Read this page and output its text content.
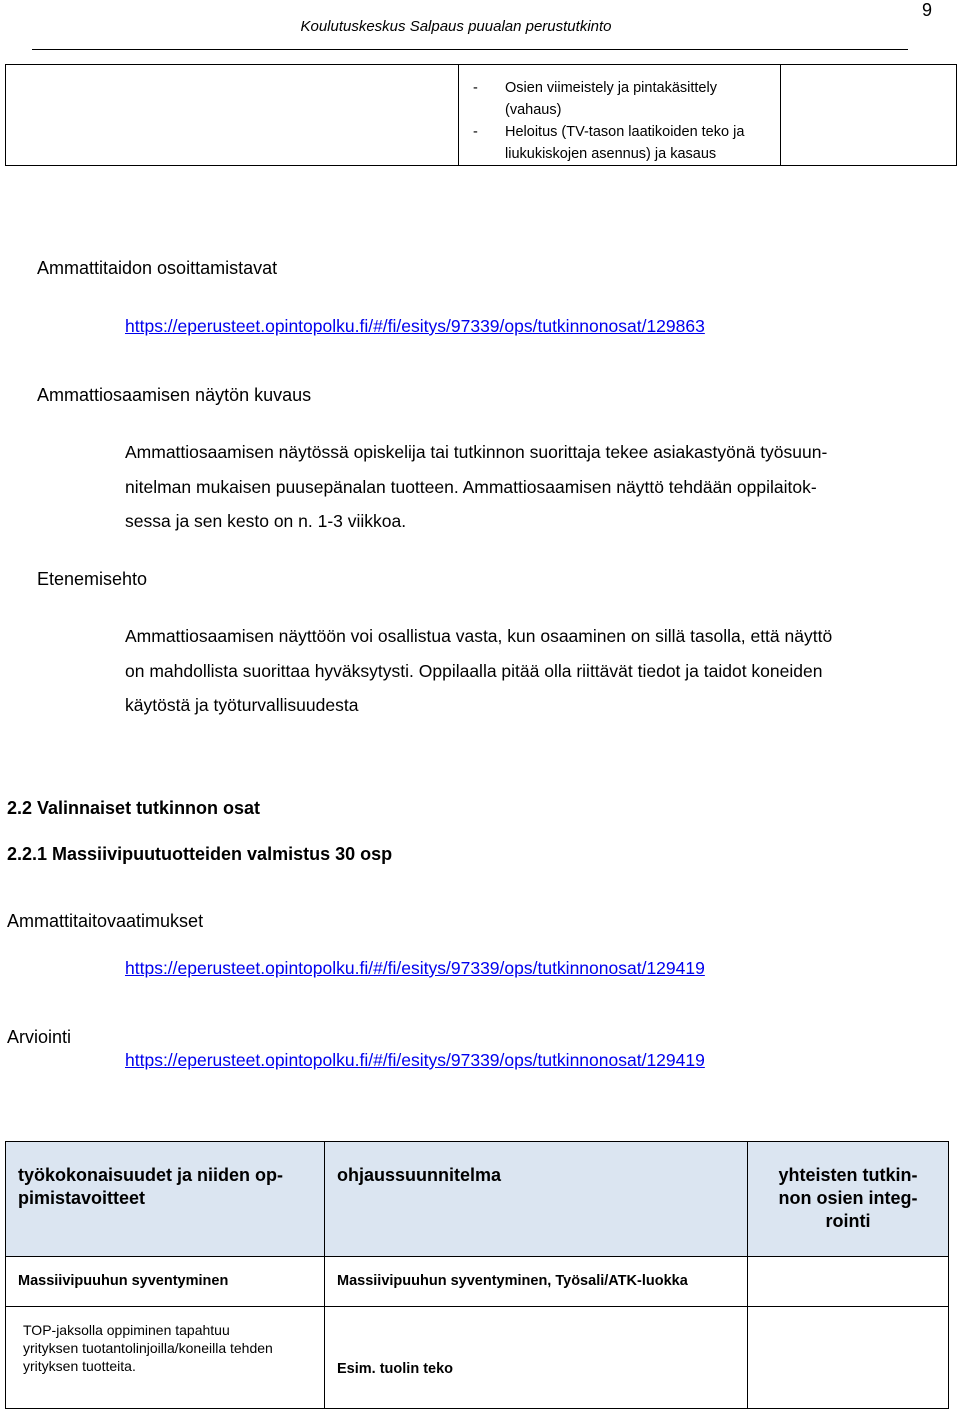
9
Koulutuskeskus Salpaus puualan perustutkinto

- Osien viimeistely ja pintakäsittely (vahaus)
- Heloitus (TV-tason laatikoiden teko ja liukukiskojen asennus) ja kasaus

Ammattitaidon osoittamistavat
https://eperusteet.opintopolku.fi/#/fi/esitys/97339/ops/tutkinnonosat/129863
Ammattiosaamisen näytön kuvaus
Ammattiosaamisen näytössä opiskelija tai tutkinnon suorittaja tekee asiakastyönä työsuun-
nitelman mukaisen puusepänalan tuotteen. Ammattiosaamisen näyttö tehdään oppilaitok-
sessa ja sen kesto on n. 1-3 viikkoa.
Etenemisehto
Ammattiosaamisen näyttöön voi osallistua vasta, kun osaaminen on sillä tasolla, että näyttö
on mahdollista suorittaa hyväksytysti. Oppilaalla pitää olla riittävät tiedot ja taidot koneiden
käytöstä ja työturvallisuudesta
2.2 Valinnaiset tutkinnon osat
2.2.1 Massiivipuutuotteiden valmistus 30 osp
Ammattitaitovaatimukset
https://eperusteet.opintopolku.fi/#/fi/esitys/97339/ops/tutkinnonosat/129419
Arviointi
https://eperusteet.opintopolku.fi/#/fi/esitys/97339/ops/tutkinnonosat/129419
työkokonaisuudet ja niiden op-
pimistavoitteet	ohjaussuunnitelma	yhteisten tutkin-
non osien integ-
rointi
Massiivipuuhun syventyminen	Massiivipuuhun syventyminen, Työsali/ATK-luokka	
TOP-jaksolla oppiminen tapahtuu
yrityksen tuotantolinjoilla/koneilla tehden
yrityksen tuotteita.	Esim. tuolin teko	
